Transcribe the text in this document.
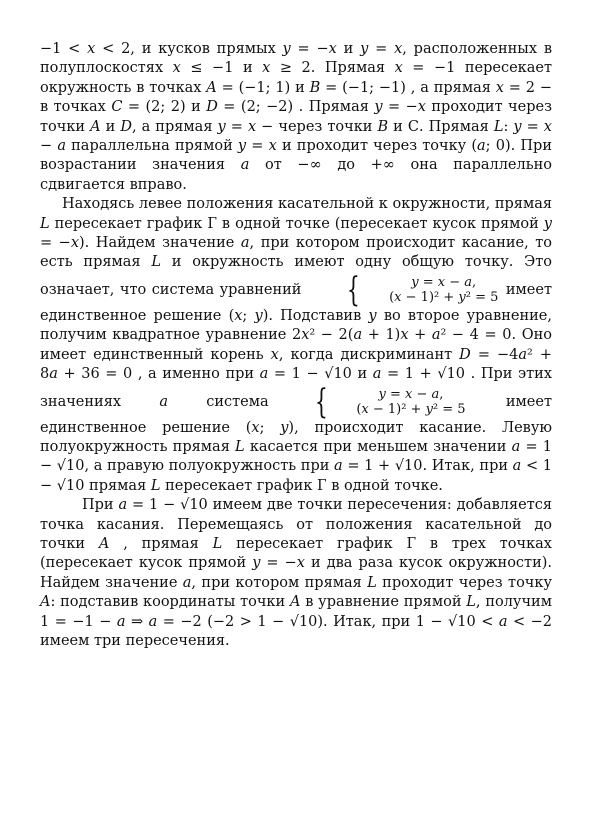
−1 < 𝑥 < 2, и кусков прямых 𝑦 = −𝑥 и 𝑦 = 𝑥, расположенных в полуплоскостях 𝑥 ≤ −1 и 𝑥 ≥ 2. Прямая 𝑥 = −1 пересекает окружность в точках 𝐴 = (−1; 1) и 𝐵 = (−1; −1) , а прямая 𝑥 = 2 − в точках 𝐶 = (2; 2) и 𝐷 = (2; −2) . Прямая 𝑦 = −𝑥 проходит через точки 𝐴 и 𝐷, а прямая 𝑦 = 𝑥 − через точки 𝐵 и С. Прямая 𝐿: 𝑦 = 𝑥 − 𝑎 параллельна прямой 𝑦 = 𝑥 и проходит через точку (𝑎; 0). При возрастании значения 𝑎 от −∞ до +∞ она параллельно сдвигается вправо.

Находясь левее положения касательной к окружности, прямая 𝐿 пересекает график Г в одной точке (пересекает кусок прямой 𝑦 = −𝑥). Найдем значение 𝑎, при котором происходит касание, то есть прямая 𝐿 и окружность имеют одну общую точку. Это означает, что система уравнений {	𝑦 = 𝑥 − 𝑎,
(𝑥 − 1)² + 𝑦² = 5 имеет единственное решение (𝑥; 𝑦). Подставив 𝑦 во второе уравнение, получим квадратное уравнение 2𝑥² − 2(𝑎 + 1)𝑥 + 𝑎² − 4 = 0. Оно имеет единственный корень 𝑥, когда дискриминант 𝐷 = −4𝑎² + 8𝑎 + 36 = 0 , а именно при 𝑎 = 1 − √10 и 𝑎 = 1 + √10 . При этих значениях 𝑎 система {	𝑦 = 𝑥 − 𝑎,
(𝑥 − 1)² + 𝑦² = 5	имеет единственное решение (𝑥; 𝑦), происходит касание. Левую полуокружность прямая 𝐿 касается при меньшем значении 𝑎 = 1 − √10, а правую полуокружность при 𝑎 = 1 + √10. Итак, при 𝑎 < 1 − √10 прямая 𝐿 пересекает график Г в одной точке.

При 𝑎 = 1 − √10 имеем две точки пересечения: добавляется точка касания. Перемещаясь от положения касательной до точки 𝐴 , прямая 𝐿 пересекает график Г в трех точках (пересекает кусок прямой 𝑦 = −𝑥 и два раза кусок окружности). Найдем значение 𝑎, при котором прямая 𝐿 проходит через точку 𝐴: подставив координаты точки 𝐴 в уравнение прямой 𝐿, получим 1 = −1 − 𝑎 ⇒ 𝑎 = −2 (−2 > 1 − √10). Итак, при 1 − √10 < 𝑎 < −2 имеем три пересечения.
